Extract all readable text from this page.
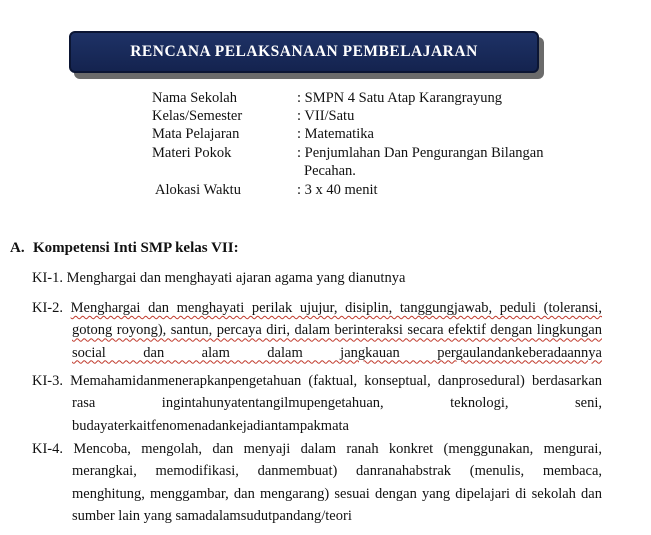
RENCANA PELAKSANAAN PEMBELAJARAN
Nama Sekolah	: SMPN 4 Satu Atap Karangrayung
Kelas/Semester	: VII/Satu
Mata Pelajaran	: Matematika
Materi Pokok	: Penjumlahan Dan Pengurangan Bilangan
Pecahan.
Alokasi Waktu	: 3 x 40 menit
A. Kompetensi Inti SMP kelas VII:
KI-1. Menghargai dan menghayati ajaran agama yang dianutnya
KI-2. Menghargai dan menghayati perilak ujujur, disiplin, tanggungjawab, peduli (toleransi, gotong royong), santun, percaya diri, dalam berinteraksi secara efektif dengan lingkungan social dan alam dalam jangkauan pergaulandankeberadaannya
KI-3. Memahamidanmenerapkanpengetahuan (faktual, konseptual, danprosedural) berdasarkan rasa ingintahunyatentangilmupengetahuan, teknologi, seni, budayaterkaitfenomenadankejadiantampakmata
KI-4. Mencoba, mengolah, dan menyaji dalam ranah konkret (menggunakan, mengurai, merangkai, memodifikasi, danmembuat) danranahabstrak (menulis, membaca, menghitung, menggambar, dan mengarang) sesuai dengan yang dipelajari di sekolah dan sumber lain yang samadalamsudutpandang/teori
